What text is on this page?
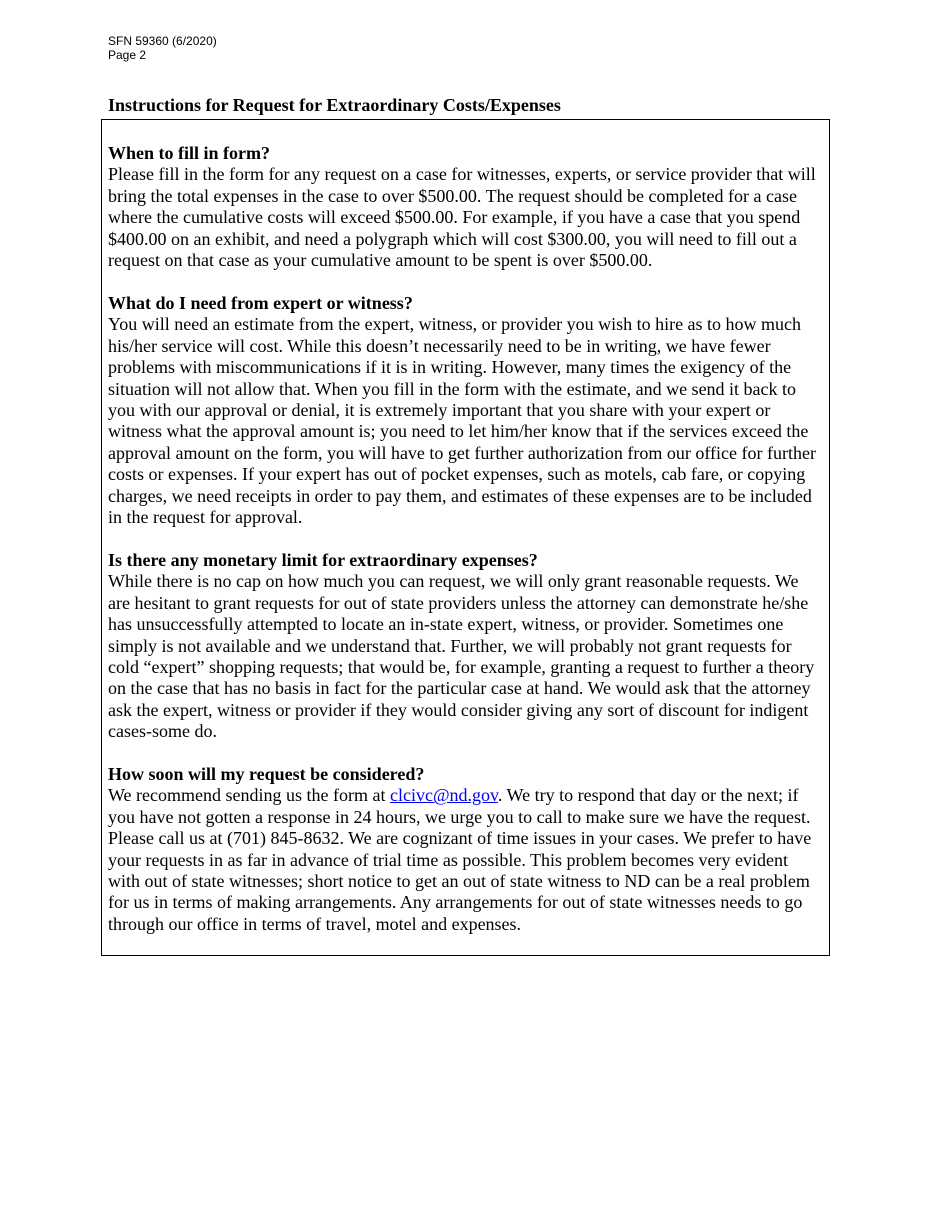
SFN 59360 (6/2020)
Page 2
Instructions for Request for Extraordinary Costs/Expenses
When to fill in form?

Please fill in the form for any request on a case for witnesses, experts, or service provider that will bring the total expenses in the case to over $500.00. The request should be completed for a case where the cumulative costs will exceed $500.00. For example, if you have a case that you spend $400.00 on an exhibit, and need a polygraph which will cost $300.00, you will need to fill out a request on that case as your cumulative amount to be spent is over $500.00.

What do I need from expert or witness?

You will need an estimate from the expert, witness, or provider you wish to hire as to how much his/her service will cost. While this doesn’t necessarily need to be in writing, we have fewer problems with miscommunications if it is in writing. However, many times the exigency of the situation will not allow that. When you fill in the form with the estimate, and we send it back to you with our approval or denial, it is extremely important that you share with your expert or witness what the approval amount is; you need to let him/her know that if the services exceed the approval amount on the form, you will have to get further authorization from our office for further costs or expenses. If your expert has out of pocket expenses, such as motels, cab fare, or copying charges, we need receipts in order to pay them, and estimates of these expenses are to be included in the request for approval.

Is there any monetary limit for extraordinary expenses?

While there is no cap on how much you can request, we will only grant reasonable requests. We are hesitant to grant requests for out of state providers unless the attorney can demonstrate he/she has unsuccessfully attempted to locate an in-state expert, witness, or provider. Sometimes one simply is not available and we understand that. Further, we will probably not grant requests for cold “expert” shopping requests; that would be, for example, granting a request to further a theory on the case that has no basis in fact for the particular case at hand. We would ask that the attorney ask the expert, witness or provider if they would consider giving any sort of discount for indigent cases-some do.

How soon will my request be considered?

We recommend sending us the form at clcivc@nd.gov. We try to respond that day or the next; if you have not gotten a response in 24 hours, we urge you to call to make sure we have the request. Please call us at (701) 845-8632. We are cognizant of time issues in your cases. We prefer to have your requests in as far in advance of trial time as possible. This problem becomes very evident with out of state witnesses; short notice to get an out of state witness to ND can be a real problem for us in terms of making arrangements. Any arrangements for out of state witnesses needs to go through our office in terms of travel, motel and expenses.
